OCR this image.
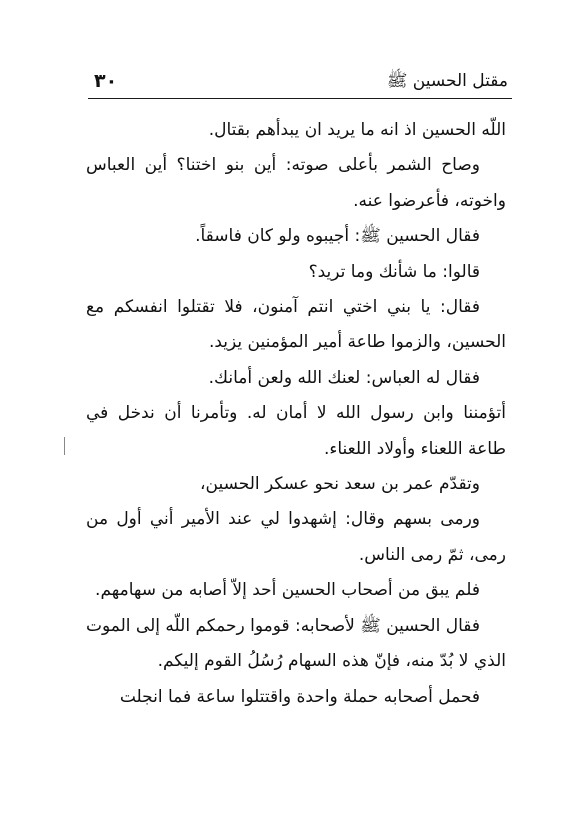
٣٠	مقتل الحسين ﷺ

اللّه الحسين اذ انه ما يريد ان يبدأهم بقتال.

وصاح الشمر بأعلى صوته: أين بنو اختنا؟ أين العباس واخوته، فأعرضوا عنه.

فقال الحسين ﷺ: أجيبوه ولو كان فاسقاً.

قالوا: ما شأنك وما تريد؟

فقال: يا بني اختي انتم آمنون، فلا تقتلوا انفسكم مع الحسين، والزموا طاعة أمير المؤمنين يزيد.

فقال له العباس: لعنك الله ولعن أمانك.

أتؤمننا وابن رسول الله لا أمان له. وتأمرنا أن ندخل في طاعة اللعناء وأولاد اللعناء.

وتقدّم عمر بن سعد نحو عسكر الحسين،

ورمى بسهم وقال: إشهدوا لي عند الأمير أني أول من رمى، ثمّ رمى الناس.

فلم يبق من أصحاب الحسين أحد إلاّ أصابه من سهامهم.

فقال الحسين ﷺ لأصحابه: قوموا رحمكم اللّه إلى الموت الذي لا بُدّ منه، فإنّ هذه السهام رُسُلُ القوم إليكم.

فحمل أصحابه حملة واحدة واقتتلوا ساعة فما انجلت
